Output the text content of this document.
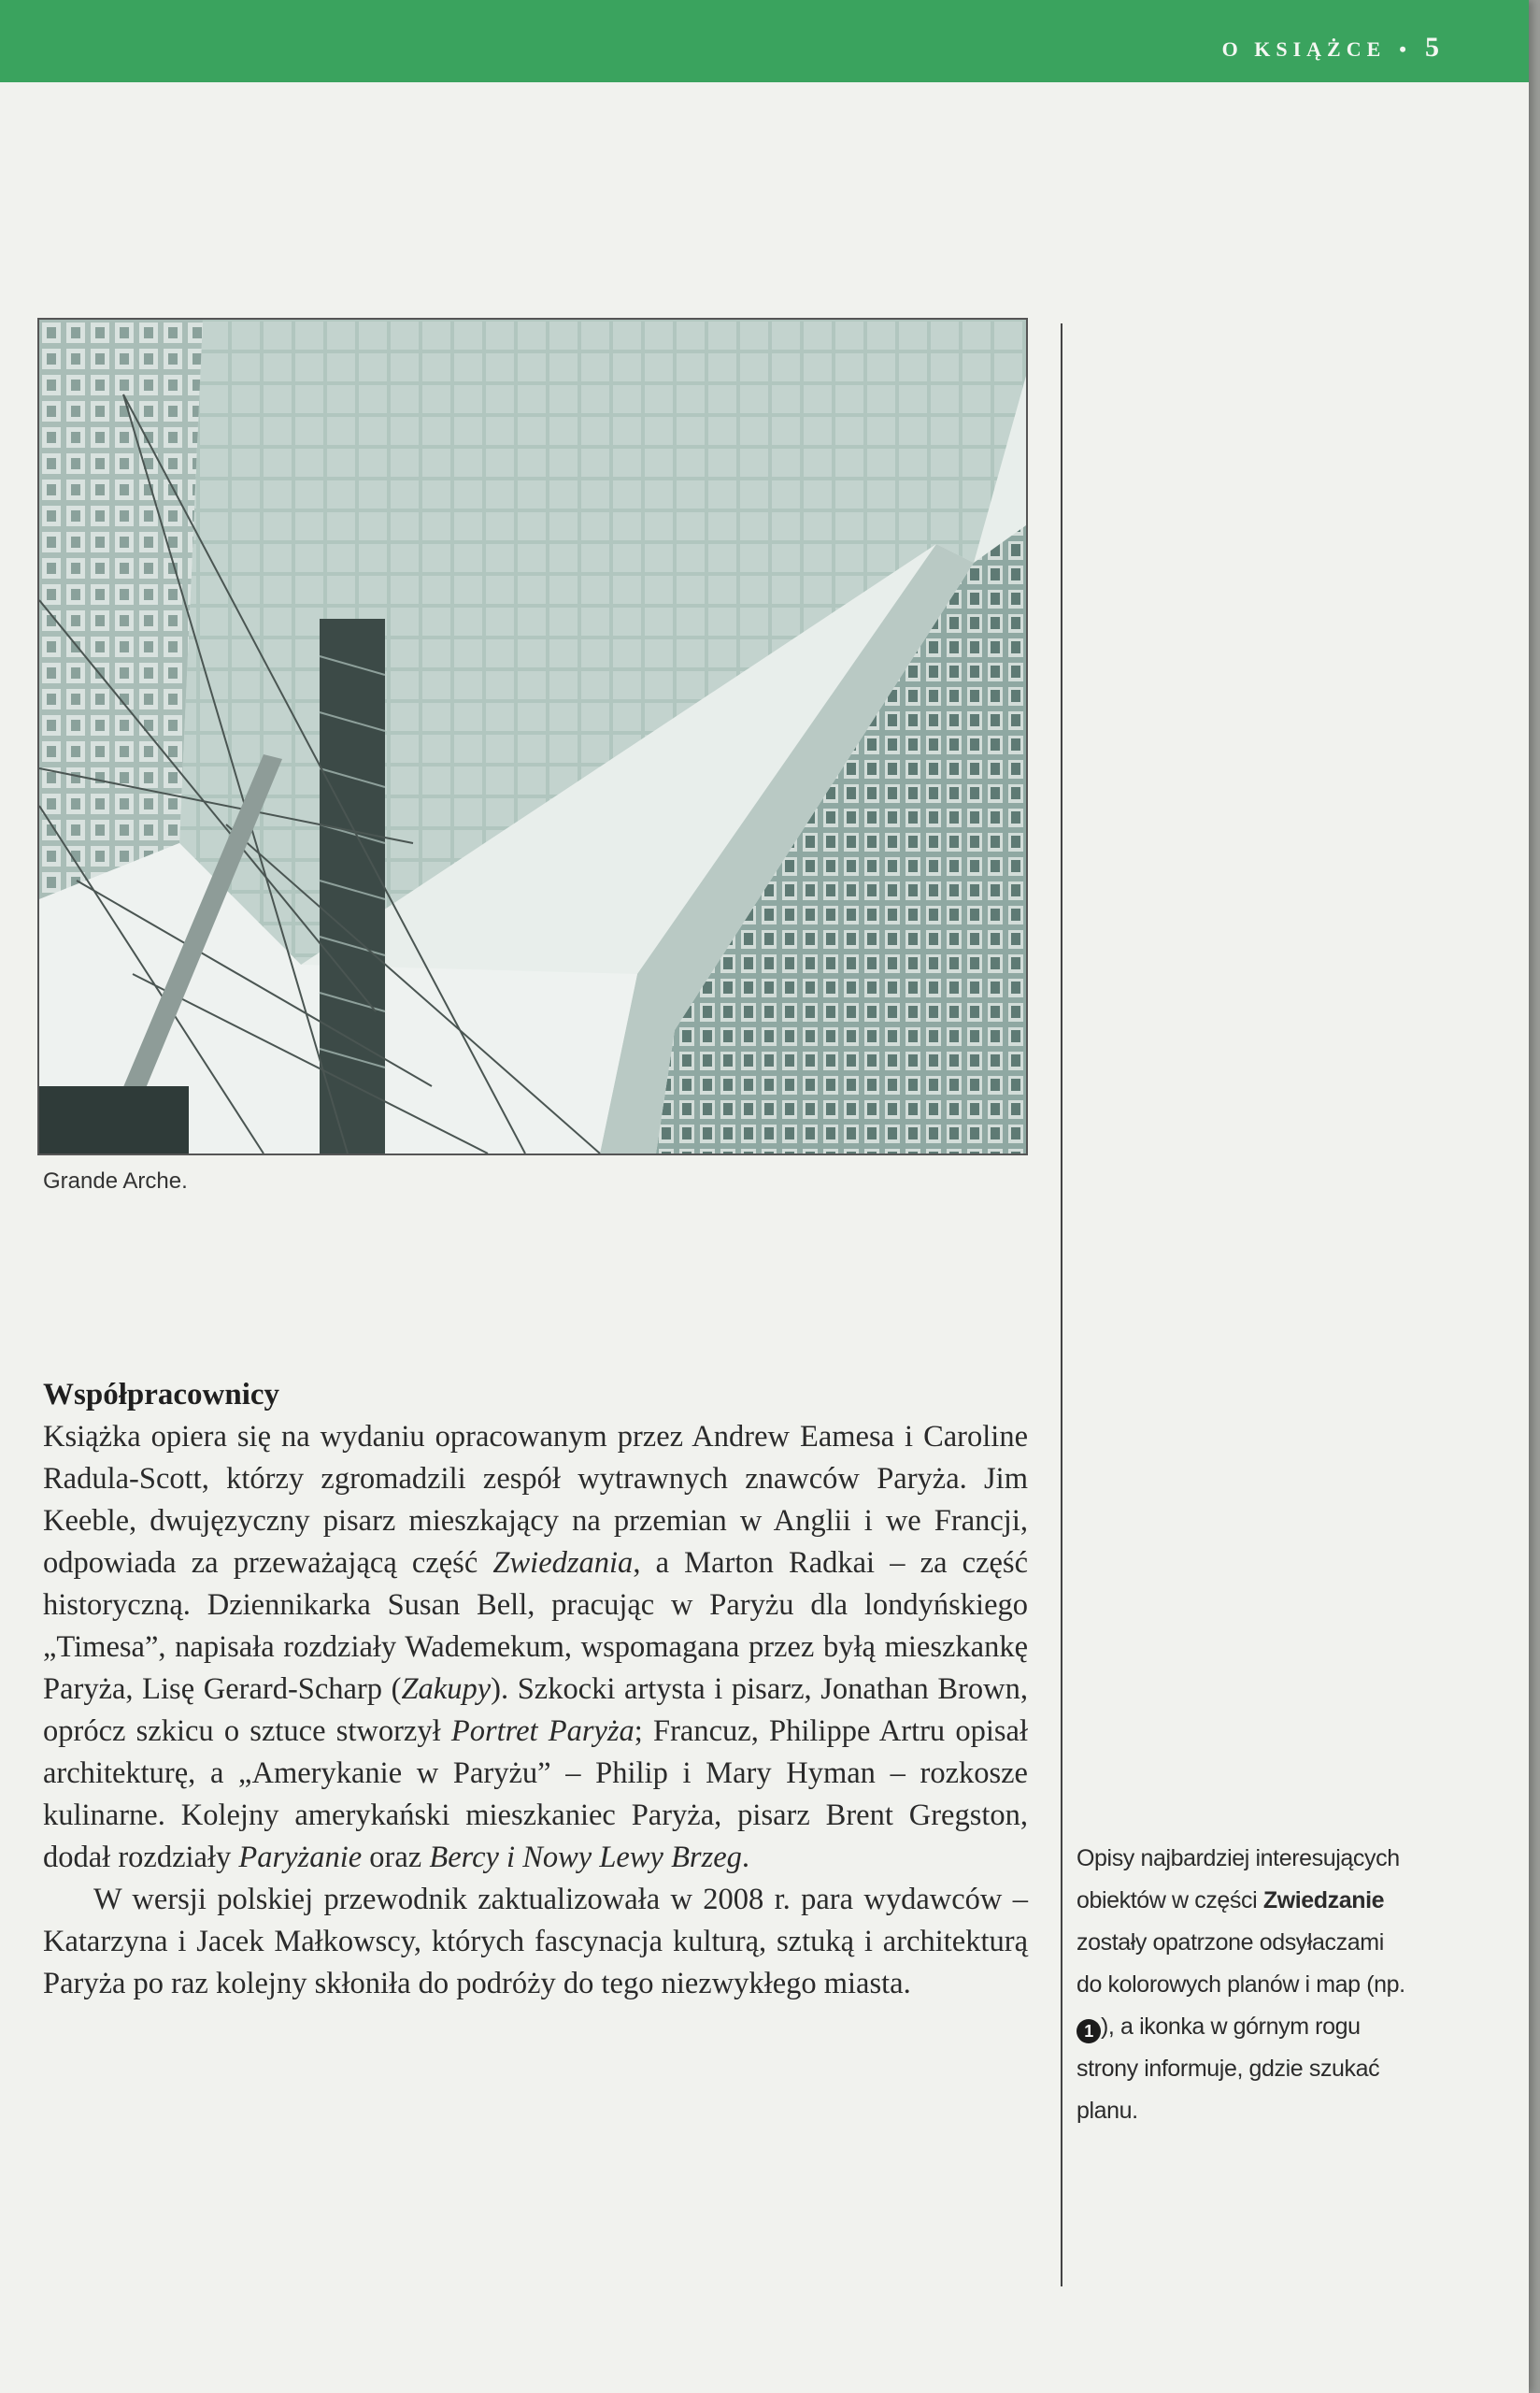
O KSIĄŻCE • 5
Grande Arche.
Współpracownicy

Książka opiera się na wydaniu opracowanym przez Andrew Eamesa i Caroline Radula-Scott, którzy zgromadzili zespół wytrawnych znawców Paryża. Jim Keeble, dwujęzyczny pisarz mieszkający na przemian w Anglii i we Francji, odpowiada za przeważającą część Zwiedzania, a Marton Radkai – za część historyczną. Dziennikarka Susan Bell, pracując w Paryżu dla londyńskiego „Timesa”, napisała rozdziały Wademekum, wspomagana przez byłą mieszkankę Paryża, Lisę Gerard-Scharp (Zakupy). Szkocki artysta i pisarz, Jonathan Brown, oprócz szkicu o sztuce stworzył Portret Paryża; Francuz, Philippe Artru opisał architekturę, a „Amerykanie w Paryżu” – Philip i Mary Hyman – rozkosze kulinarne. Kolejny amerykański mieszkaniec Paryża, pisarz Brent Gregston, dodał rozdziały Paryżanie oraz Bercy i Nowy Lewy Brzeg.

W wersji polskiej przewodnik zaktualizowała w 2008 r. para wydawców – Katarzyna i Jacek Małkowscy, których fascynacja kulturą, sztuką i architekturą Paryża po raz kolejny skłoniła do podróży do tego niezwykłego miasta.

Opisy najbardziej interesujących obiektów w części Zwiedzanie zostały opatrzone odsyłaczami do kolorowych planów i map (np. 1 ), a ikonka w górnym rogu strony informuje, gdzie szukać planu.
